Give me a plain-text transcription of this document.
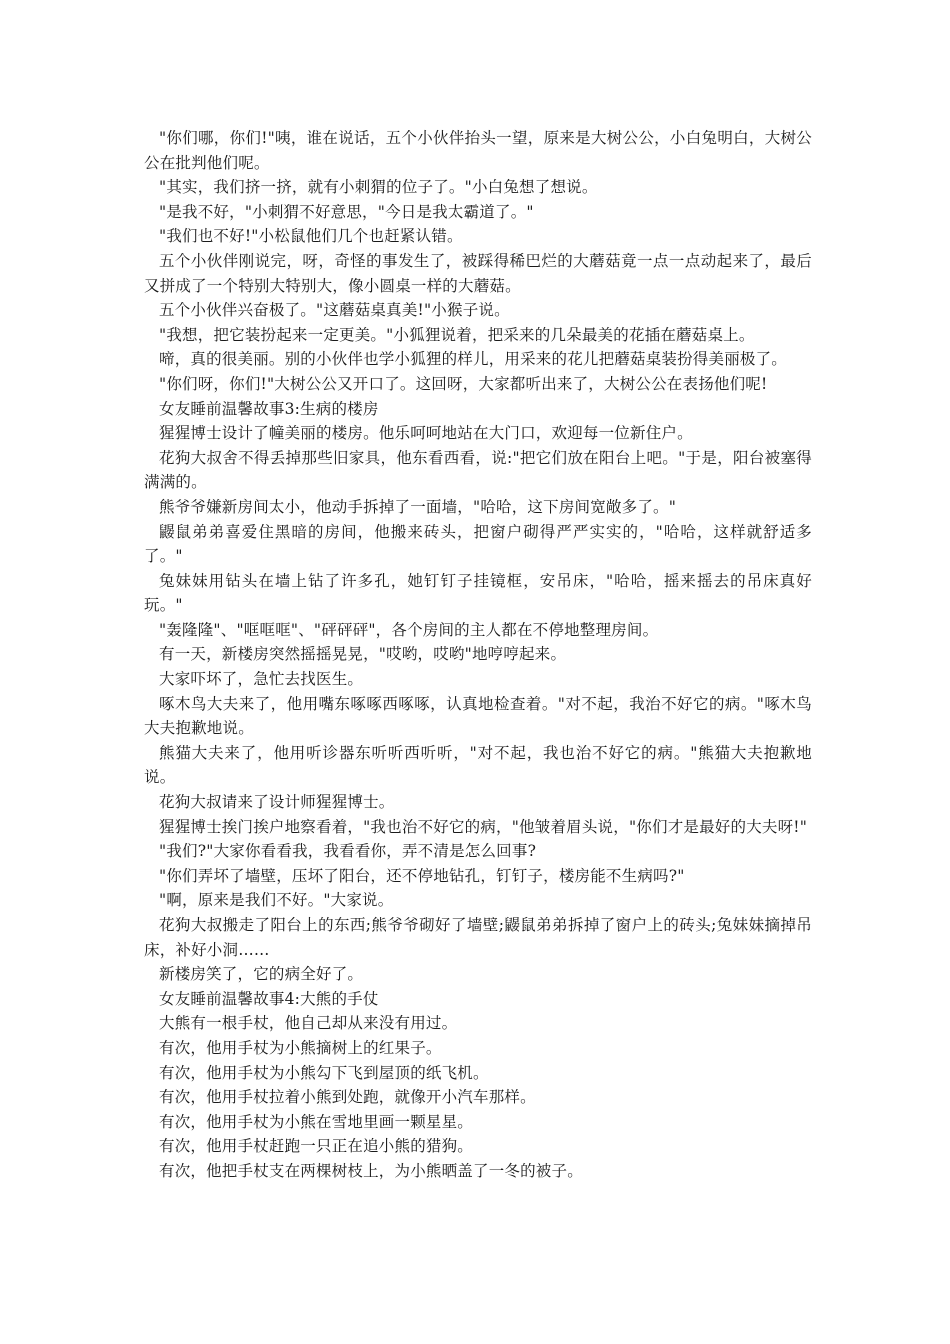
"你们哪，你们!"咦，谁在说话，五个小伙伴抬头一望，原来是大树公公，小白兔明白，大树公公在批判他们呢。

"其实，我们挤一挤，就有小刺猬的位子了。"小白兔想了想说。

"是我不好，"小刺猬不好意思，"今日是我太霸道了。"

"我们也不好!"小松鼠他们几个也赶紧认错。

五个小伙伴刚说完，呀，奇怪的事发生了，被踩得稀巴烂的大蘑菇竟一点一点动起来了，最后又拼成了一个特别大特别大，像小圆桌一样的大蘑菇。

五个小伙伴兴奋极了。"这蘑菇桌真美!"小猴子说。

"我想，把它装扮起来一定更美。"小狐狸说着，把采来的几朵最美的花插在蘑菇桌上。

啼，真的很美丽。别的小伙伴也学小狐狸的样儿，用采来的花儿把蘑菇桌装扮得美丽极了。

"你们呀，你们!"大树公公又开口了。这回呀，大家都听出来了，大树公公在表扬他们呢!

女友睡前温馨故事3:生病的楼房

猩猩博士设计了幢美丽的楼房。他乐呵呵地站在大门口，欢迎每一位新住户。

花狗大叔舍不得丢掉那些旧家具，他东看西看，说:"把它们放在阳台上吧。"于是，阳台被塞得满满的。

熊爷爷嫌新房间太小，他动手拆掉了一面墙，"哈哈，这下房间宽敞多了。"

鼹鼠弟弟喜爱住黑暗的房间，他搬来砖头，把窗户砌得严严实实的，"哈哈，这样就舒适多了。"

兔妹妹用钻头在墙上钻了许多孔，她钉钉子挂镜框，安吊床，"哈哈，摇来摇去的吊床真好玩。"

"轰隆隆"、"哐哐哐"、"砰砰砰"，各个房间的主人都在不停地整理房间。

有一天，新楼房突然摇摇晃晃，"哎哟，哎哟"地哼哼起来。

大家吓坏了，急忙去找医生。

啄木鸟大夫来了，他用嘴东啄啄西啄啄，认真地检查着。"对不起，我治不好它的病。"啄木鸟大夫抱歉地说。

熊猫大夫来了，他用听诊器东听听西听听，"对不起，我也治不好它的病。"熊猫大夫抱歉地说。

花狗大叔请来了设计师猩猩博士。

猩猩博士挨门挨户地察看着，"我也治不好它的病，"他皱着眉头说，"你们才是最好的大夫呀!"

"我们?"大家你看看我，我看看你，弄不清是怎么回事?

"你们弄坏了墙壁，压坏了阳台，还不停地钻孔，钉钉子，楼房能不生病吗?"

"啊，原来是我们不好。"大家说。

花狗大叔搬走了阳台上的东西;熊爷爷砌好了墙壁;鼹鼠弟弟拆掉了窗户上的砖头;兔妹妹摘掉吊床，补好小洞……

新楼房笑了，它的病全好了。

女友睡前温馨故事4:大熊的手仗

大熊有一根手杖，他自己却从来没有用过。

有次，他用手杖为小熊摘树上的红果子。

有次，他用手杖为小熊勾下飞到屋顶的纸飞机。

有次，他用手杖拉着小熊到处跑，就像开小汽车那样。

有次，他用手杖为小熊在雪地里画一颗星星。

有次，他用手杖赶跑一只正在追小熊的猎狗。

有次，他把手杖支在两棵树枝上，为小熊晒盖了一冬的被子。
